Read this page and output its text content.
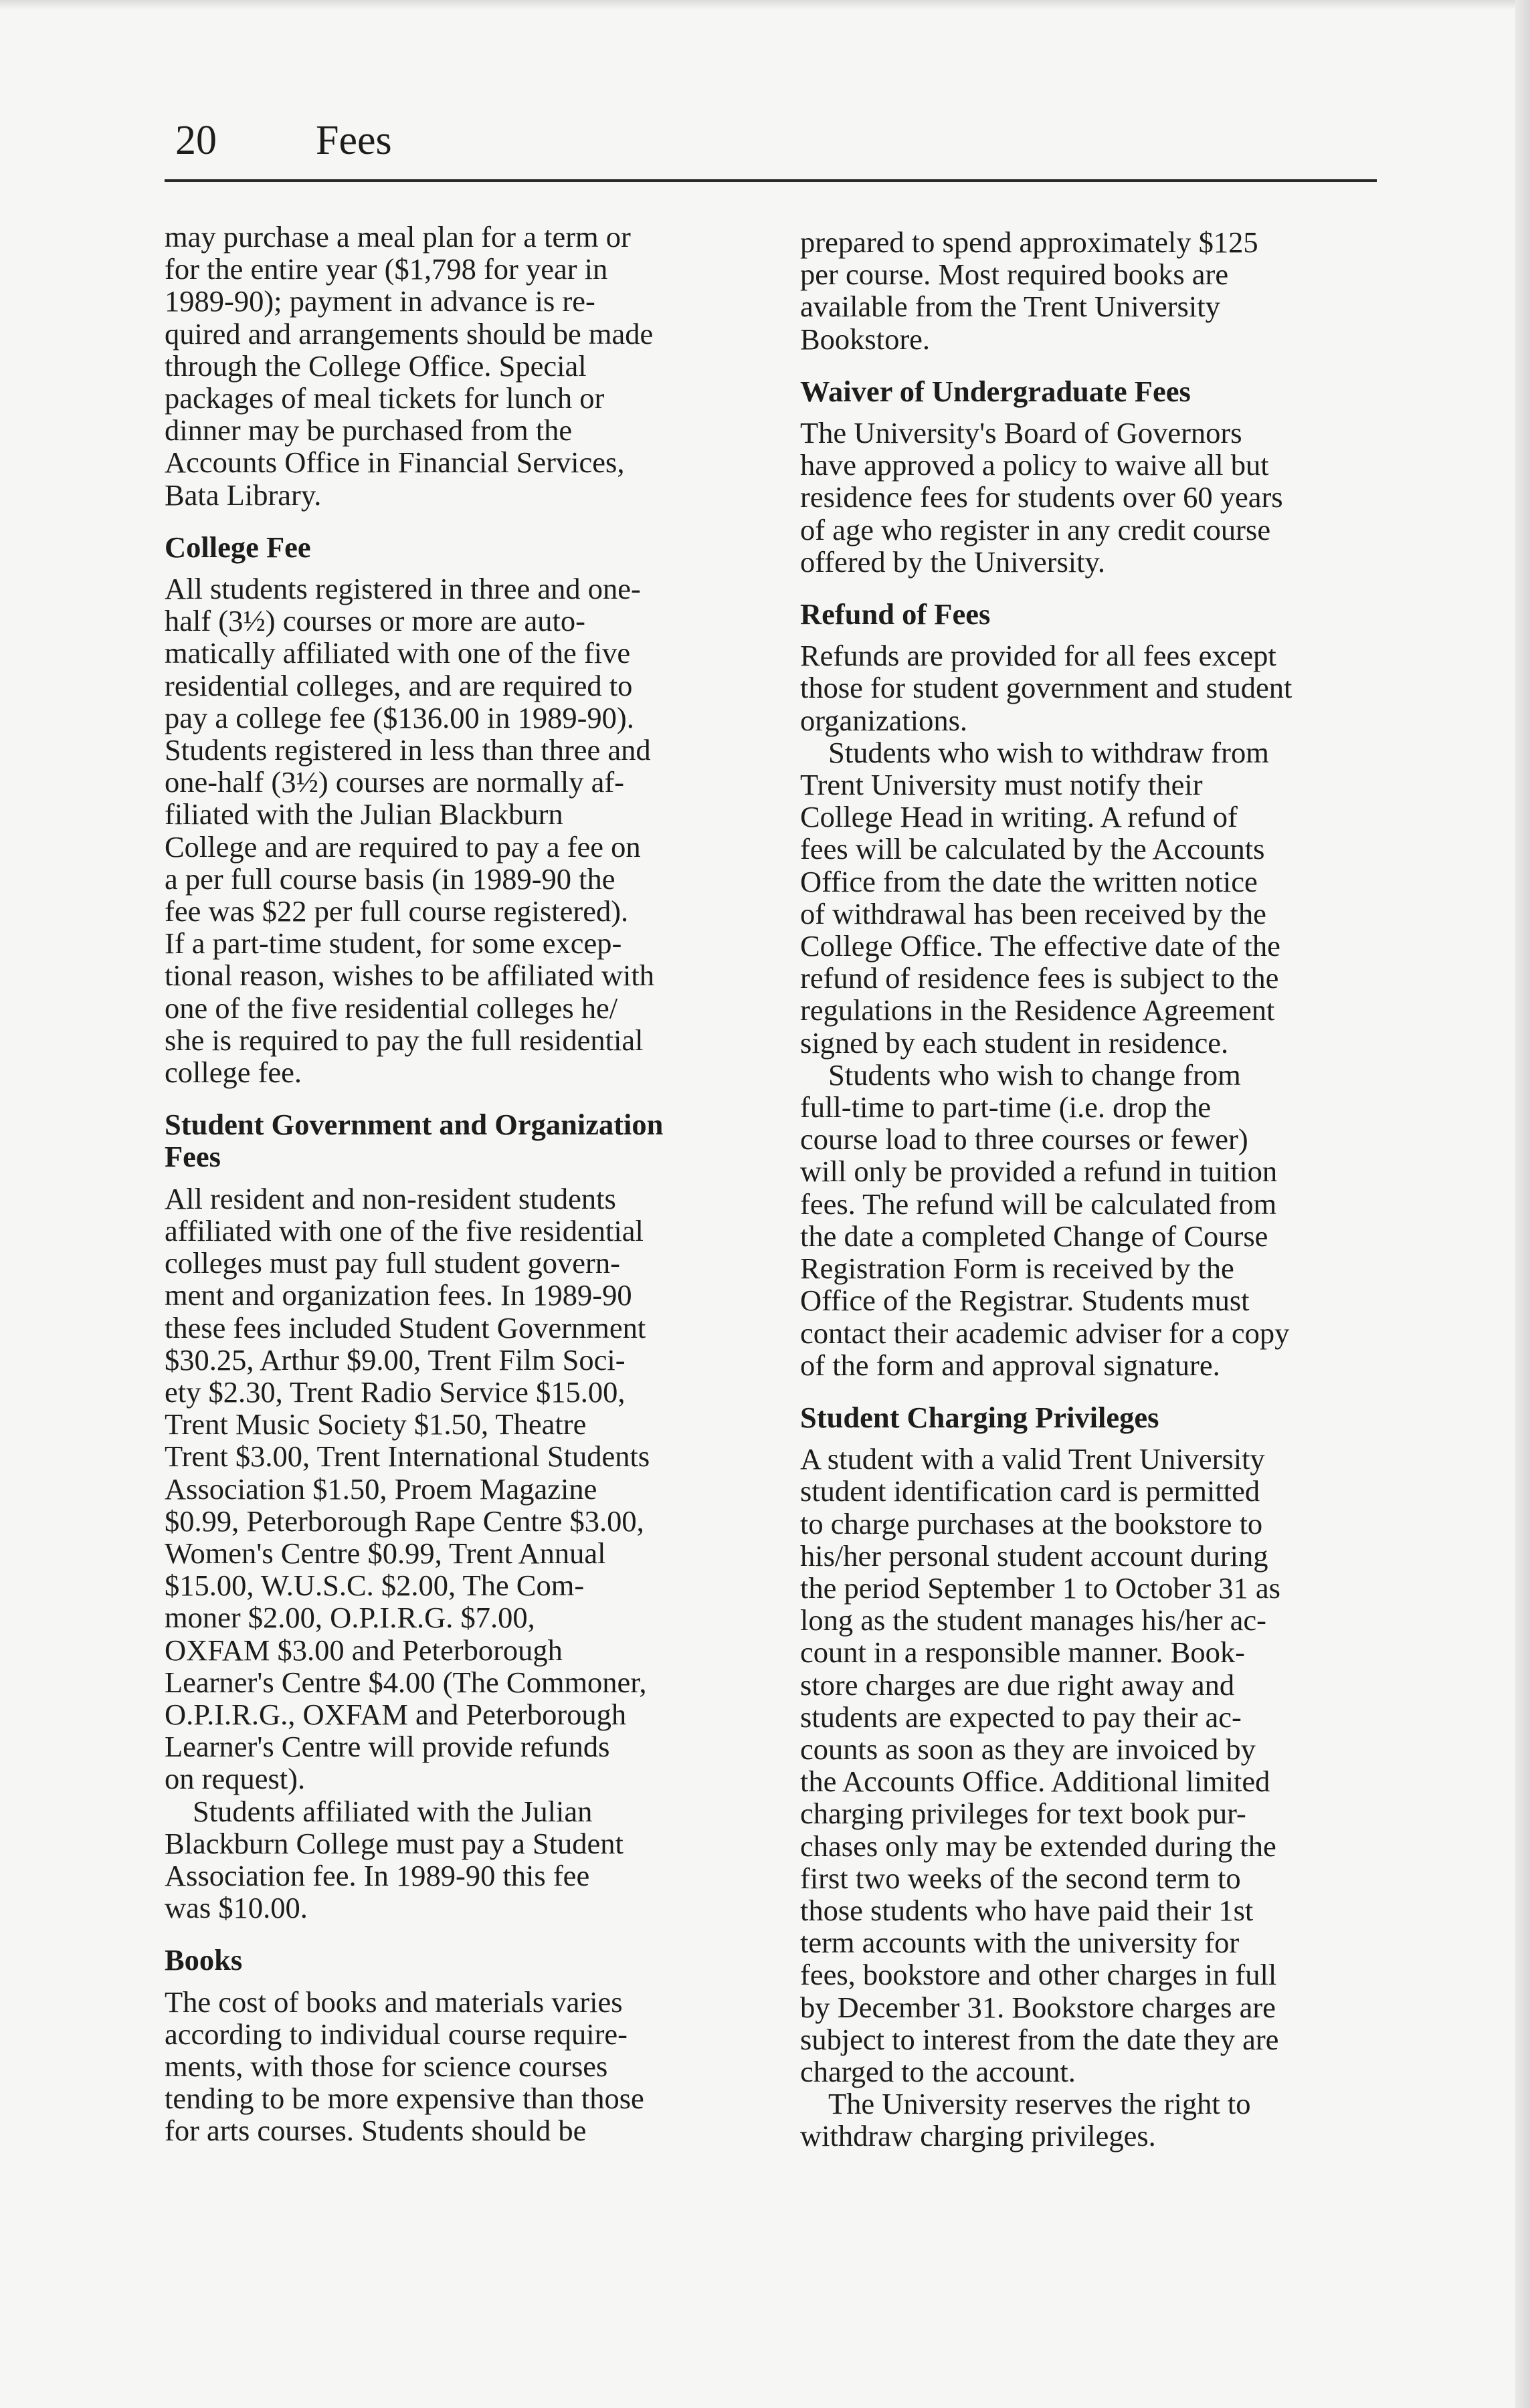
20 Fees

may purchase a meal plan for a term or
for the entire year ($1,798 for year in
1989-90); payment in advance is re-
quired and arrangements should be made
through the College Office. Special
packages of meal tickets for lunch or
dinner may be purchased from the
Accounts Office in Financial Services,
Bata Library.

College Fee

All students registered in three and one-
half (3½) courses or more are auto-
matically affiliated with one of the five
residential colleges, and are required to
pay a college fee ($136.00 in 1989-90).
Students registered in less than three and
one-half (3½) courses are normally af-
filiated with the Julian Blackburn
College and are required to pay a fee on
a per full course basis (in 1989-90 the
fee was $22 per full course registered).
If a part-time student, for some excep-
tional reason, wishes to be affiliated with
one of the five residential colleges he/
she is required to pay the full residential
college fee.

Student Government and Organization
Fees

All resident and non-resident students
affiliated with one of the five residential
colleges must pay full student govern-
ment and organization fees. In 1989-90
these fees included Student Government
$30.25, Arthur $9.00, Trent Film Soci-
ety $2.30, Trent Radio Service $15.00,
Trent Music Society $1.50, Theatre
Trent $3.00, Trent International Students
Association $1.50, Proem Magazine
$0.99, Peterborough Rape Centre $3.00,
Women's Centre $0.99, Trent Annual
$15.00, W.U.S.C. $2.00, The Com-
moner $2.00, O.P.I.R.G. $7.00,
OXFAM $3.00 and Peterborough
Learner's Centre $4.00 (The Commoner,
O.P.I.R.G., OXFAM and Peterborough
Learner's Centre will provide refunds
on request).

Students affiliated with the Julian
Blackburn College must pay a Student
Association fee. In 1989-90 this fee
was $10.00.

Books

The cost of books and materials varies
according to individual course require-
ments, with those for science courses
tending to be more expensive than those
for arts courses. Students should be

prepared to spend approximately $125
per course. Most required books are
available from the Trent University
Bookstore.

Waiver of Undergraduate Fees

The University's Board of Governors
have approved a policy to waive all but
residence fees for students over 60 years
of age who register in any credit course
offered by the University.

Refund of Fees

Refunds are provided for all fees except
those for student government and student
organizations.

Students who wish to withdraw from
Trent University must notify their
College Head in writing. A refund of
fees will be calculated by the Accounts
Office from the date the written notice
of withdrawal has been received by the
College Office. The effective date of the
refund of residence fees is subject to the
regulations in the Residence Agreement
signed by each student in residence.

Students who wish to change from
full-time to part-time (i.e. drop the
course load to three courses or fewer)
will only be provided a refund in tuition
fees. The refund will be calculated from
the date a completed Change of Course
Registration Form is received by the
Office of the Registrar. Students must
contact their academic adviser for a copy
of the form and approval signature.

Student Charging Privileges

A student with a valid Trent University
student identification card is permitted
to charge purchases at the bookstore to
his/her personal student account during
the period September 1 to October 31 as
long as the student manages his/her ac-
count in a responsible manner. Book-
store charges are due right away and
students are expected to pay their ac-
counts as soon as they are invoiced by
the Accounts Office. Additional limited
charging privileges for text book pur-
chases only may be extended during the
first two weeks of the second term to
those students who have paid their 1st
term accounts with the university for
fees, bookstore and other charges in full
by December 31. Bookstore charges are
subject to interest from the date they are
charged to the account.

The University reserves the right to
withdraw charging privileges.
